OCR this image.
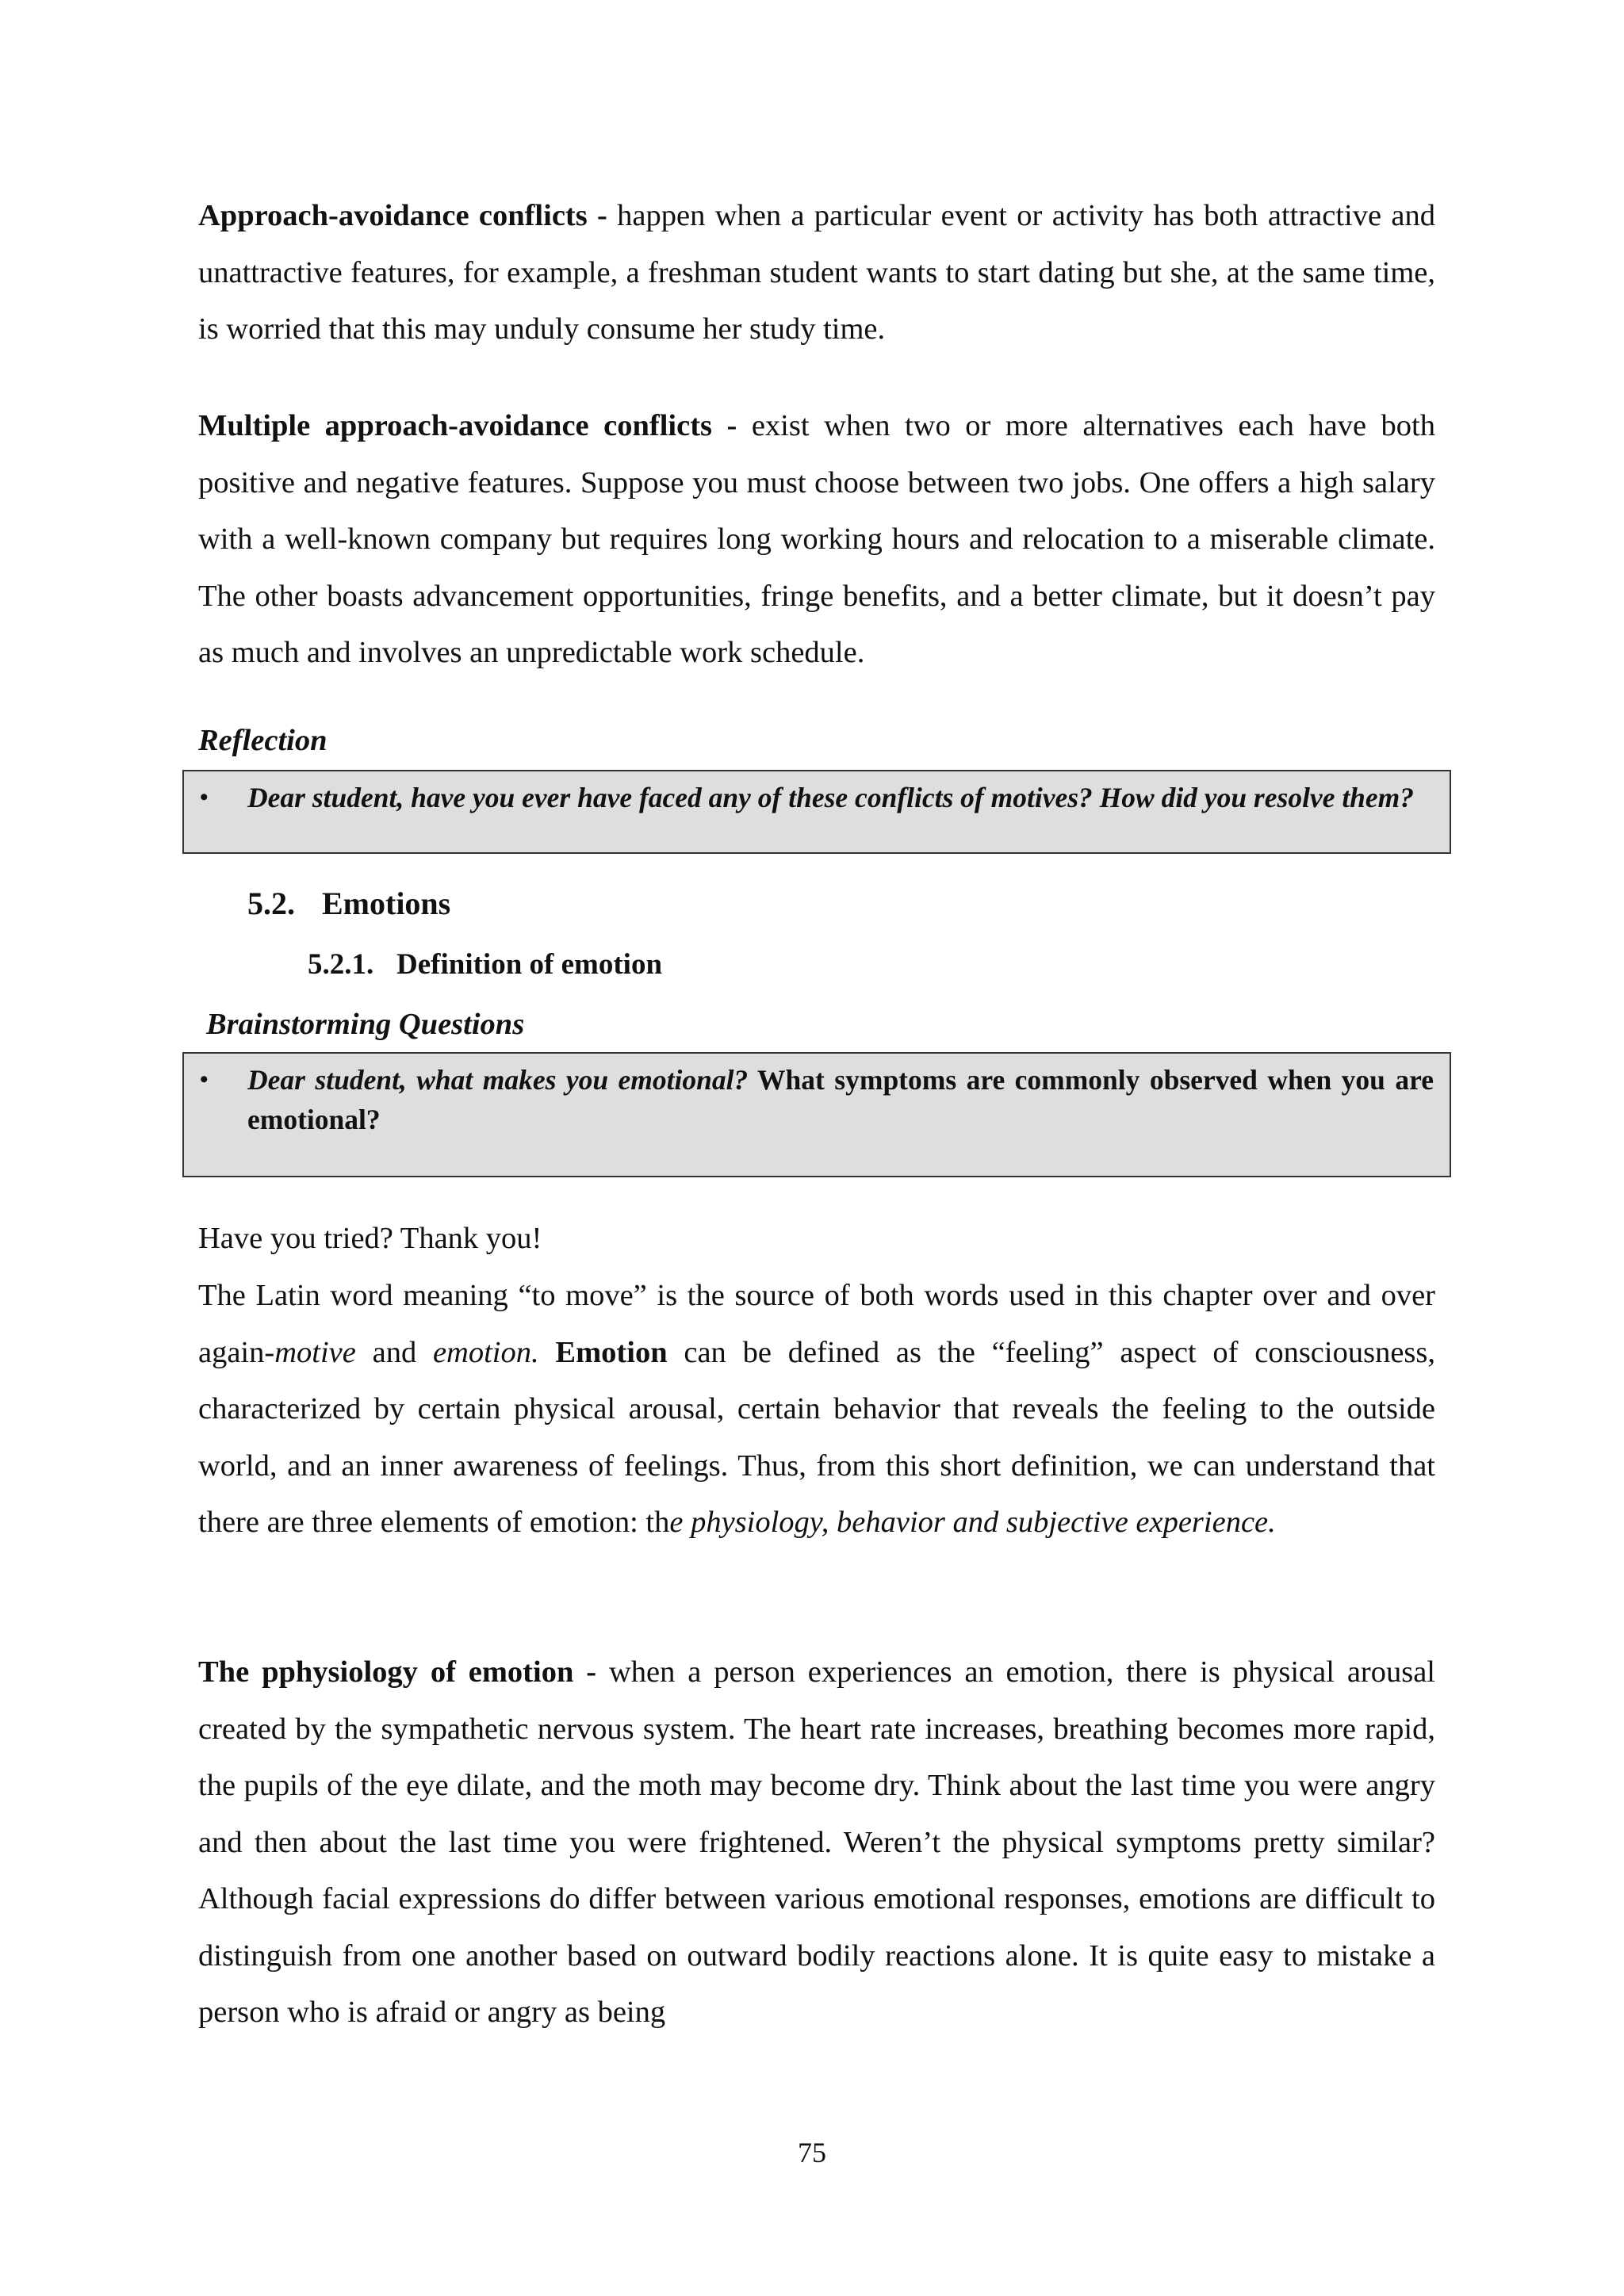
Approach-avoidance conflicts - happen when a particular event or activity has both attractive and unattractive features, for example, a freshman student wants to start dating but she, at the same time, is worried that this may unduly consume her study time.

Multiple approach-avoidance conflicts - exist when two or more alternatives each have both positive and negative features. Suppose you must choose between two jobs. One offers a high salary with a well-known company but requires long working hours and relocation to a miserable climate. The other boasts advancement opportunities, fringe benefits, and a better climate, but it doesn’t pay as much and involves an unpredictable work schedule.

Reflection

• Dear student, have you ever have faced any of these conflicts of motives? How did you resolve them?
5.2. Emotions
5.2.1. Definition of emotion

Brainstorming Questions

• Dear student, what makes you emotional? What symptoms are commonly observed when you are emotional?

Have you tried? Thank you!

The Latin word meaning “to move” is the source of both words used in this chapter over and over again-motive and emotion. Emotion can be defined as the “feeling” aspect of consciousness, characterized by certain physical arousal, certain behavior that reveals the feeling to the outside world, and an inner awareness of feelings. Thus, from this short definition, we can understand that there are three elements of emotion: the physiology, behavior and subjective experience.

The pphysiology of emotion - when a person experiences an emotion, there is physical arousal created by the sympathetic nervous system. The heart rate increases, breathing becomes more rapid, the pupils of the eye dilate, and the moth may become dry. Think about the last time you were angry and then about the last time you were frightened. Weren’t the physical symptoms pretty similar? Although facial expressions do differ between various emotional responses, emotions are difficult to distinguish from one another based on outward bodily reactions alone. It is quite easy to mistake a person who is afraid or angry as being

75
